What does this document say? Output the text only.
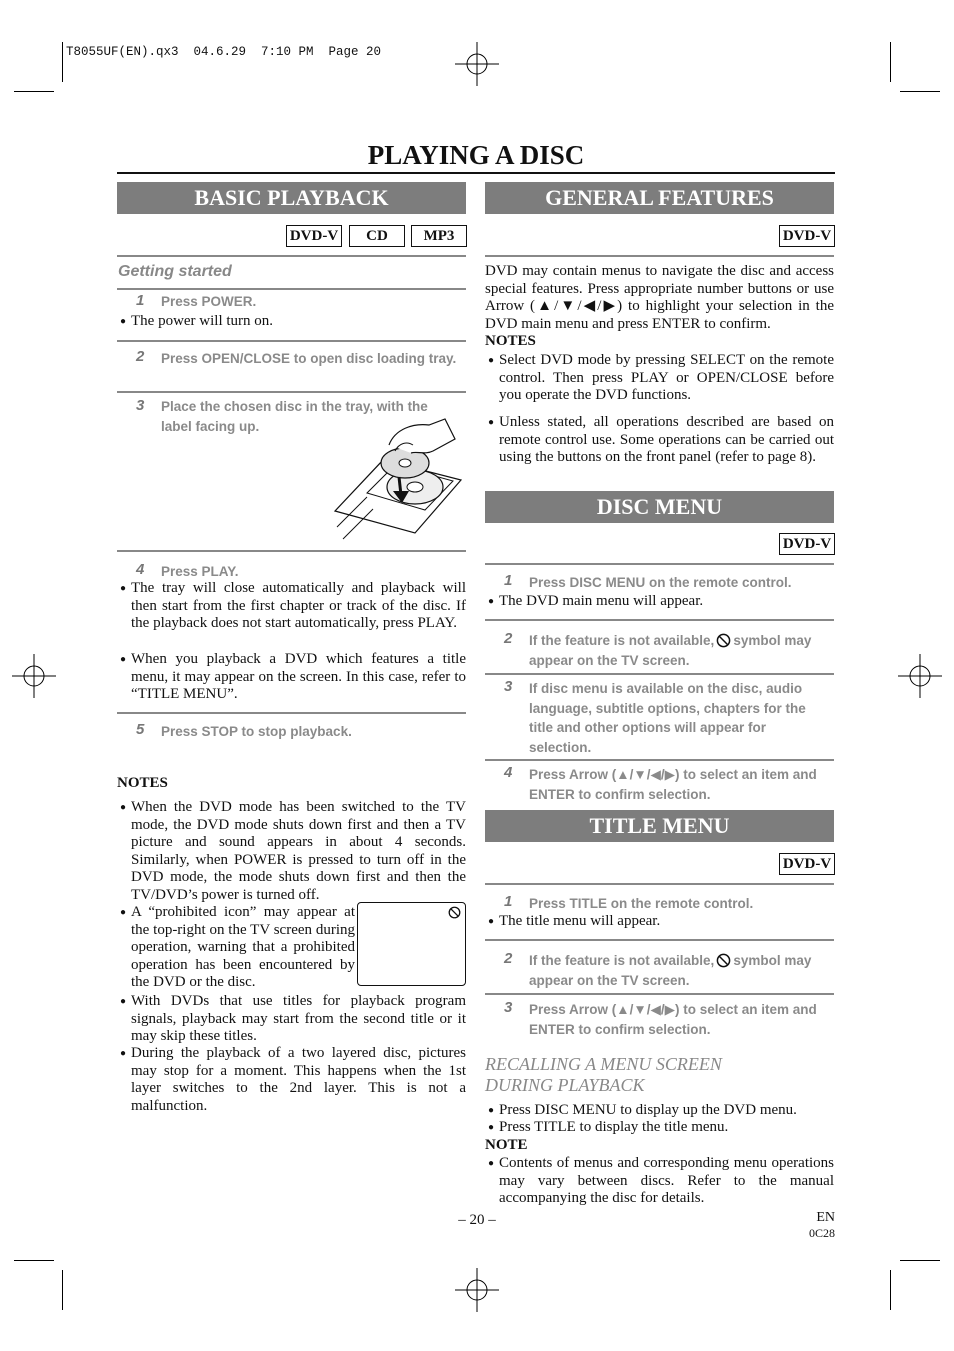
T8055UF(EN).qx3  04.6.29  7:10 PM  Page 20
PLAYING A DISC
BASIC PLAYBACK
DVD-V	CD	MP3
Getting started
1 Press POWER.
● The power will turn on.
2 Press OPEN/CLOSE to open disc loading tray.
3 Place the chosen disc in the tray, with the label facing up.
4 Press PLAY.
● The tray will close automatically and playback will then start from the first chapter or track of the disc. If the playback does not start automatically, press PLAY.
● When you playback a DVD which features a title menu, it may appear on the screen. In this case, refer to “TITLE MENU”.
5 Press STOP to stop playback.
NOTES
● When the DVD mode has been switched to the TV mode, the DVD mode shuts down first and then a TV picture and sound appears in about 4 seconds. Similarly, when POWER is pressed to turn off in the DVD mode, the mode shuts down first and then the TV/DVD’s power is turned off.
● A “prohibited icon” may appear at the top-right on the TV screen during operation, warning that a prohibited operation has been encountered by the DVD or the disc.
● With DVDs that use titles for playback program signals, playback may start from the second title or it may skip these titles.
● During the playback of a two layered disc, pictures may stop for a moment. This happens when the 1st layer switches to the 2nd layer. This is not a malfunction.
GENERAL FEATURES
DVD-V
DVD may contain menus to navigate the disc and access special features. Press appropriate number buttons or use Arrow (▲/▼/◀/▶) to highlight your selection in the DVD main menu and press ENTER to confirm.
NOTES
● Select DVD mode by pressing SELECT on the remote control. Then press PLAY or OPEN/CLOSE before you operate the DVD functions.
● Unless stated, all operations described are based on remote control use. Some operations can be carried out using the buttons on the front panel (refer to page 8).
DISC MENU
DVD-V
1 Press DISC MENU on the remote control.
● The DVD main menu will appear.
2 If the feature is not available, symbol may appear on the TV screen.
3 If disc menu is available on the disc, audio language, subtitle options, chapters for the title and other options will appear for selection.
4 Press Arrow (▲/▼/◀/▶) to select an item and ENTER to confirm selection.
TITLE MENU
DVD-V
1 Press TITLE on the remote control.
● The title menu will appear.
2 If the feature is not available, symbol may appear on the TV screen.
3 Press Arrow (▲/▼/◀/▶) to select an item and ENTER to confirm selection.
RECALLING A MENU SCREEN DURING PLAYBACK
● Press DISC MENU to display up the DVD menu.
● Press TITLE to display the title menu.
NOTE
● Contents of menus and corresponding menu operations may vary between discs. Refer to the manual accompanying the disc for details.
– 20 –	EN
0C28
